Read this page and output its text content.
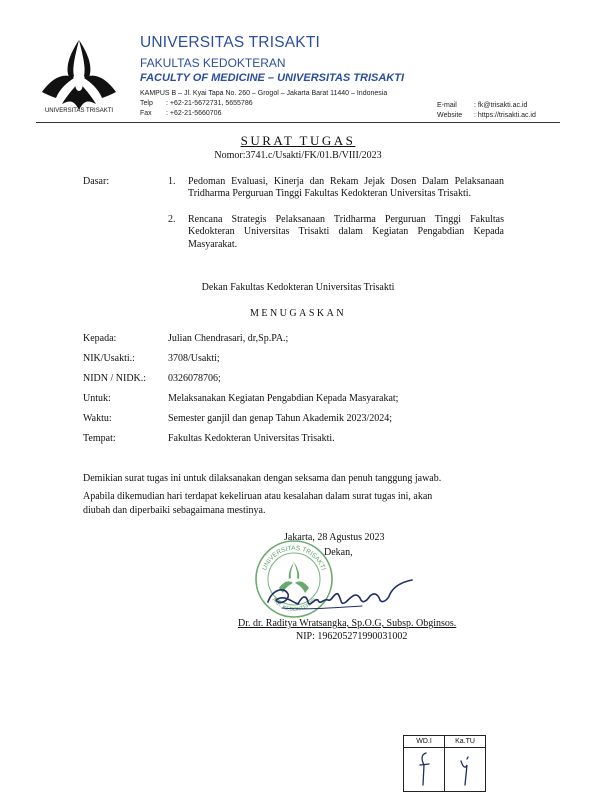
UNIVERSITAS TRISAKTI
UNIVERSITAS TRISAKTI
FAKULTAS KEDOKTERAN
FACULTY OF MEDICINE – UNIVERSITAS TRISAKTI
KAMPUS B – Jl. Kyai Tapa No. 260 – Grogol – Jakarta Barat 11440 – Indonesia
Telp : +62-21-5672731, 5655786
Fax : +62-21-5660706
E-mail : fk@trisakti.ac.id
Website : https://trisakti.ac.id
SURAT TUGAS
Nomor:3741.c/Usakti/FK/01.B/VIII/2023
Dasar:	1.	Pedoman Evaluasi, Kinerja dan Rekam Jejak Dosen Dalam Pelaksanaan Tridharma Perguruan Tinggi Fakultas Kedokteran Universitas Trisakti.
2.	Rencana Strategis Pelaksanaan Tridharma Perguruan Tinggi Fakultas Kedokteran Universitas Trisakti dalam Kegiatan Pengabdian Kepada Masyarakat.
Dekan Fakultas Kedokteran Universitas Trisakti
MENUGASKAN
Kepada:	Julian Chendrasari, dr,Sp.PA.;
NIK/Usakti.:	3708/Usakti;
NIDN / NIDK.: 0326078706;
Untuk:	Melaksanakan Kegiatan Pengabdian Kepada Masyarakat;
Waktu:	Semester ganjil dan genap Tahun Akademik 2023/2024;
Tempat:	Fakultas Kedokteran Universitas Trisakti.
Demikian surat tugas ini untuk dilaksanakan dengan seksama dan penuh tanggung jawab.
Apabila dikemudian hari terdapat kekeliruan atau kesalahan dalam surat tugas ini, akan
diubah dan diperbaiki sebagaimana mestinya.
UNIVERSITAS TRISAKTI
FAK. KEDOKTERAN
Jakarta, 28 Agustus 2023
Dekan,
Dr. dr. Raditya Wratsangka, Sp.O.G, Subsp. Obginsos.
NIP: 196205271990031002
WD.I	Ka.TU
